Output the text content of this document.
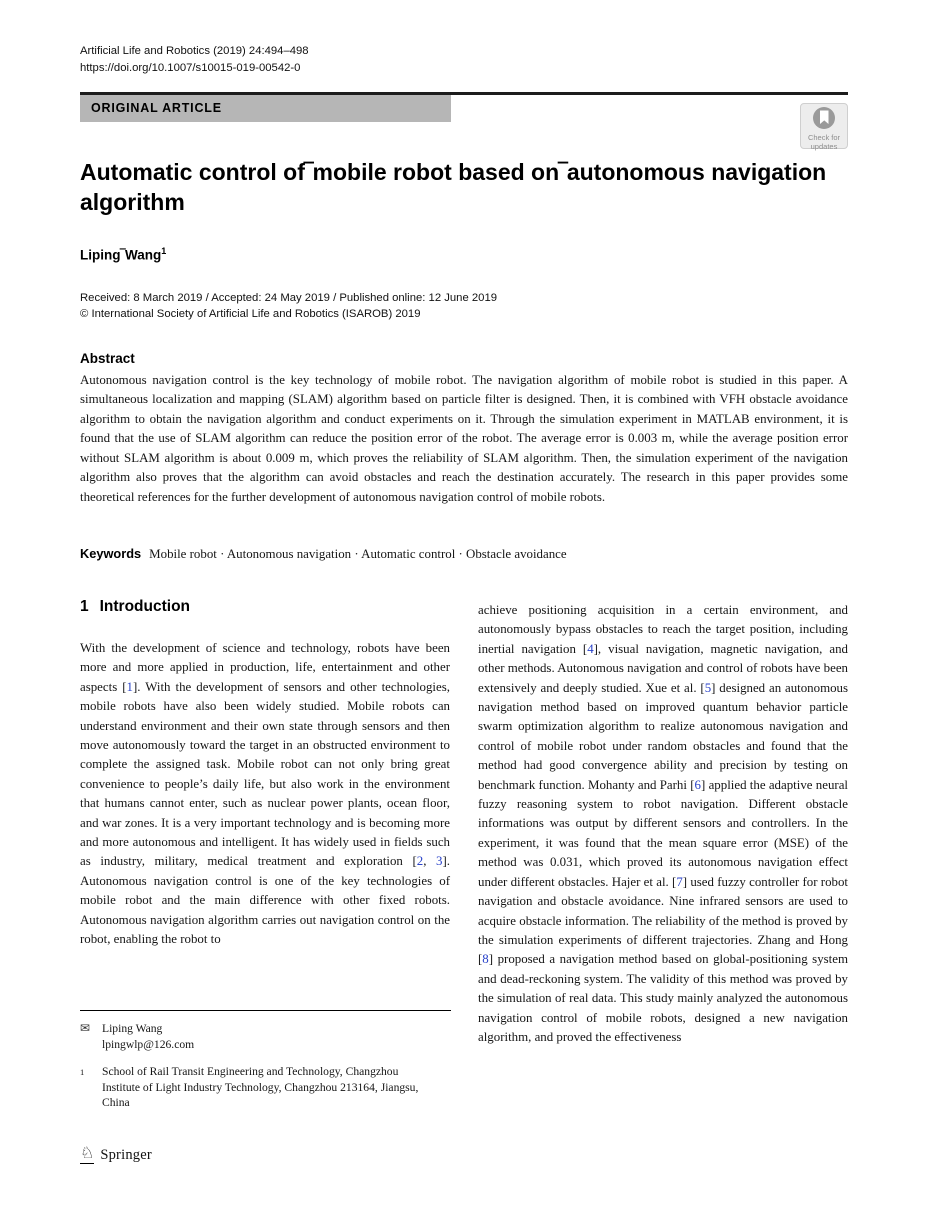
Artificial Life and Robotics (2019) 24:494–498
https://doi.org/10.1007/s10015-019-00542-0
ORIGINAL ARTICLE
Check for
updates
Automatic control of‾mobile robot based on‾autonomous navigation algorithm
Liping‾Wang$^1$
Received: 8 March 2019 / Accepted: 24 May 2019 / Published online: 12 June 2019
© International Society of Artificial Life and Robotics (ISAROB) 2019
Abstract
Autonomous navigation control is the key technology of mobile robot. The navigation algorithm of mobile robot is studied in this paper. A simultaneous localization and mapping (SLAM) algorithm based on particle filter is designed. Then, it is combined with VFH obstacle avoidance algorithm to obtain the navigation algorithm and conduct experiments on it. Through the simulation experiment in MATLAB environment, it is found that the use of SLAM algorithm can reduce the position error of the robot. The average error is 0.003 m, while the average position error without SLAM algorithm is about 0.009 m, which proves the reliability of SLAM algorithm. Then, the simulation experiment of the navigation algorithm also proves that the algorithm can avoid obstacles and reach the destination accurately. The research in this paper provides some theoretical references for the further development of autonomous navigation control of mobile robots.
Keywords Mobile robot · Autonomous navigation · Automatic control · Obstacle avoidance
1 Introduction
With the development of science and technology, robots have been more and more applied in production, life, entertainment and other aspects [1]. With the development of sensors and other technologies, mobile robots have also been widely studied. Mobile robots can understand environment and their own state through sensors and then move autonomously toward the target in an obstructed environment to complete the assigned task. Mobile robot can not only bring great convenience to people’s daily life, but also work in the environment that humans cannot enter, such as nuclear power plants, ocean floor, and war zones. It is a very important technology and is becoming more and more autonomous and intelligent. It has widely used in fields such as industry, military, medical treatment and exploration [2, 3]. Autonomous navigation control is one of the key technologies of mobile robot and the main difference with other fixed robots. Autonomous navigation algorithm carries out navigation control on the robot, enabling the robot to
achieve positioning acquisition in a certain environment, and autonomously bypass obstacles to reach the target position, including inertial navigation [4], visual navigation, magnetic navigation, and other methods. Autonomous navigation and control of robots have been extensively and deeply studied. Xue et al. [5] designed an autonomous navigation method based on improved quantum behavior particle swarm optimization algorithm to realize autonomous navigation and control of mobile robot under random obstacles and found that the method had good convergence ability and precision by testing on benchmark function. Mohanty and Parhi [6] applied the adaptive neural fuzzy reasoning system to robot navigation. Different obstacle informations was output by different sensors and controllers. In the experiment, it was found that the mean square error (MSE) of the method was 0.031, which proved its autonomous navigation effect under different obstacles. Hajer et al. [7] used fuzzy controller for robot navigation and obstacle avoidance. Nine infrared sensors are used to acquire obstacle information. The reliability of the method is proved by the simulation experiments of different trajectories. Zhang and Hong [8] proposed a navigation method based on global-positioning system and dead-reckoning system. The validity of this method was proved by the simulation of real data. This study mainly analyzed the autonomous navigation control of mobile robots, designed a new navigation algorithm, and proved the effectiveness
✉	Liping Wang
lpingwlp@126.com
1	School of Rail Transit Engineering and Technology, Changzhou Institute of Light Industry Technology, Changzhou 213164, Jiangsu, China
♘ Springer
